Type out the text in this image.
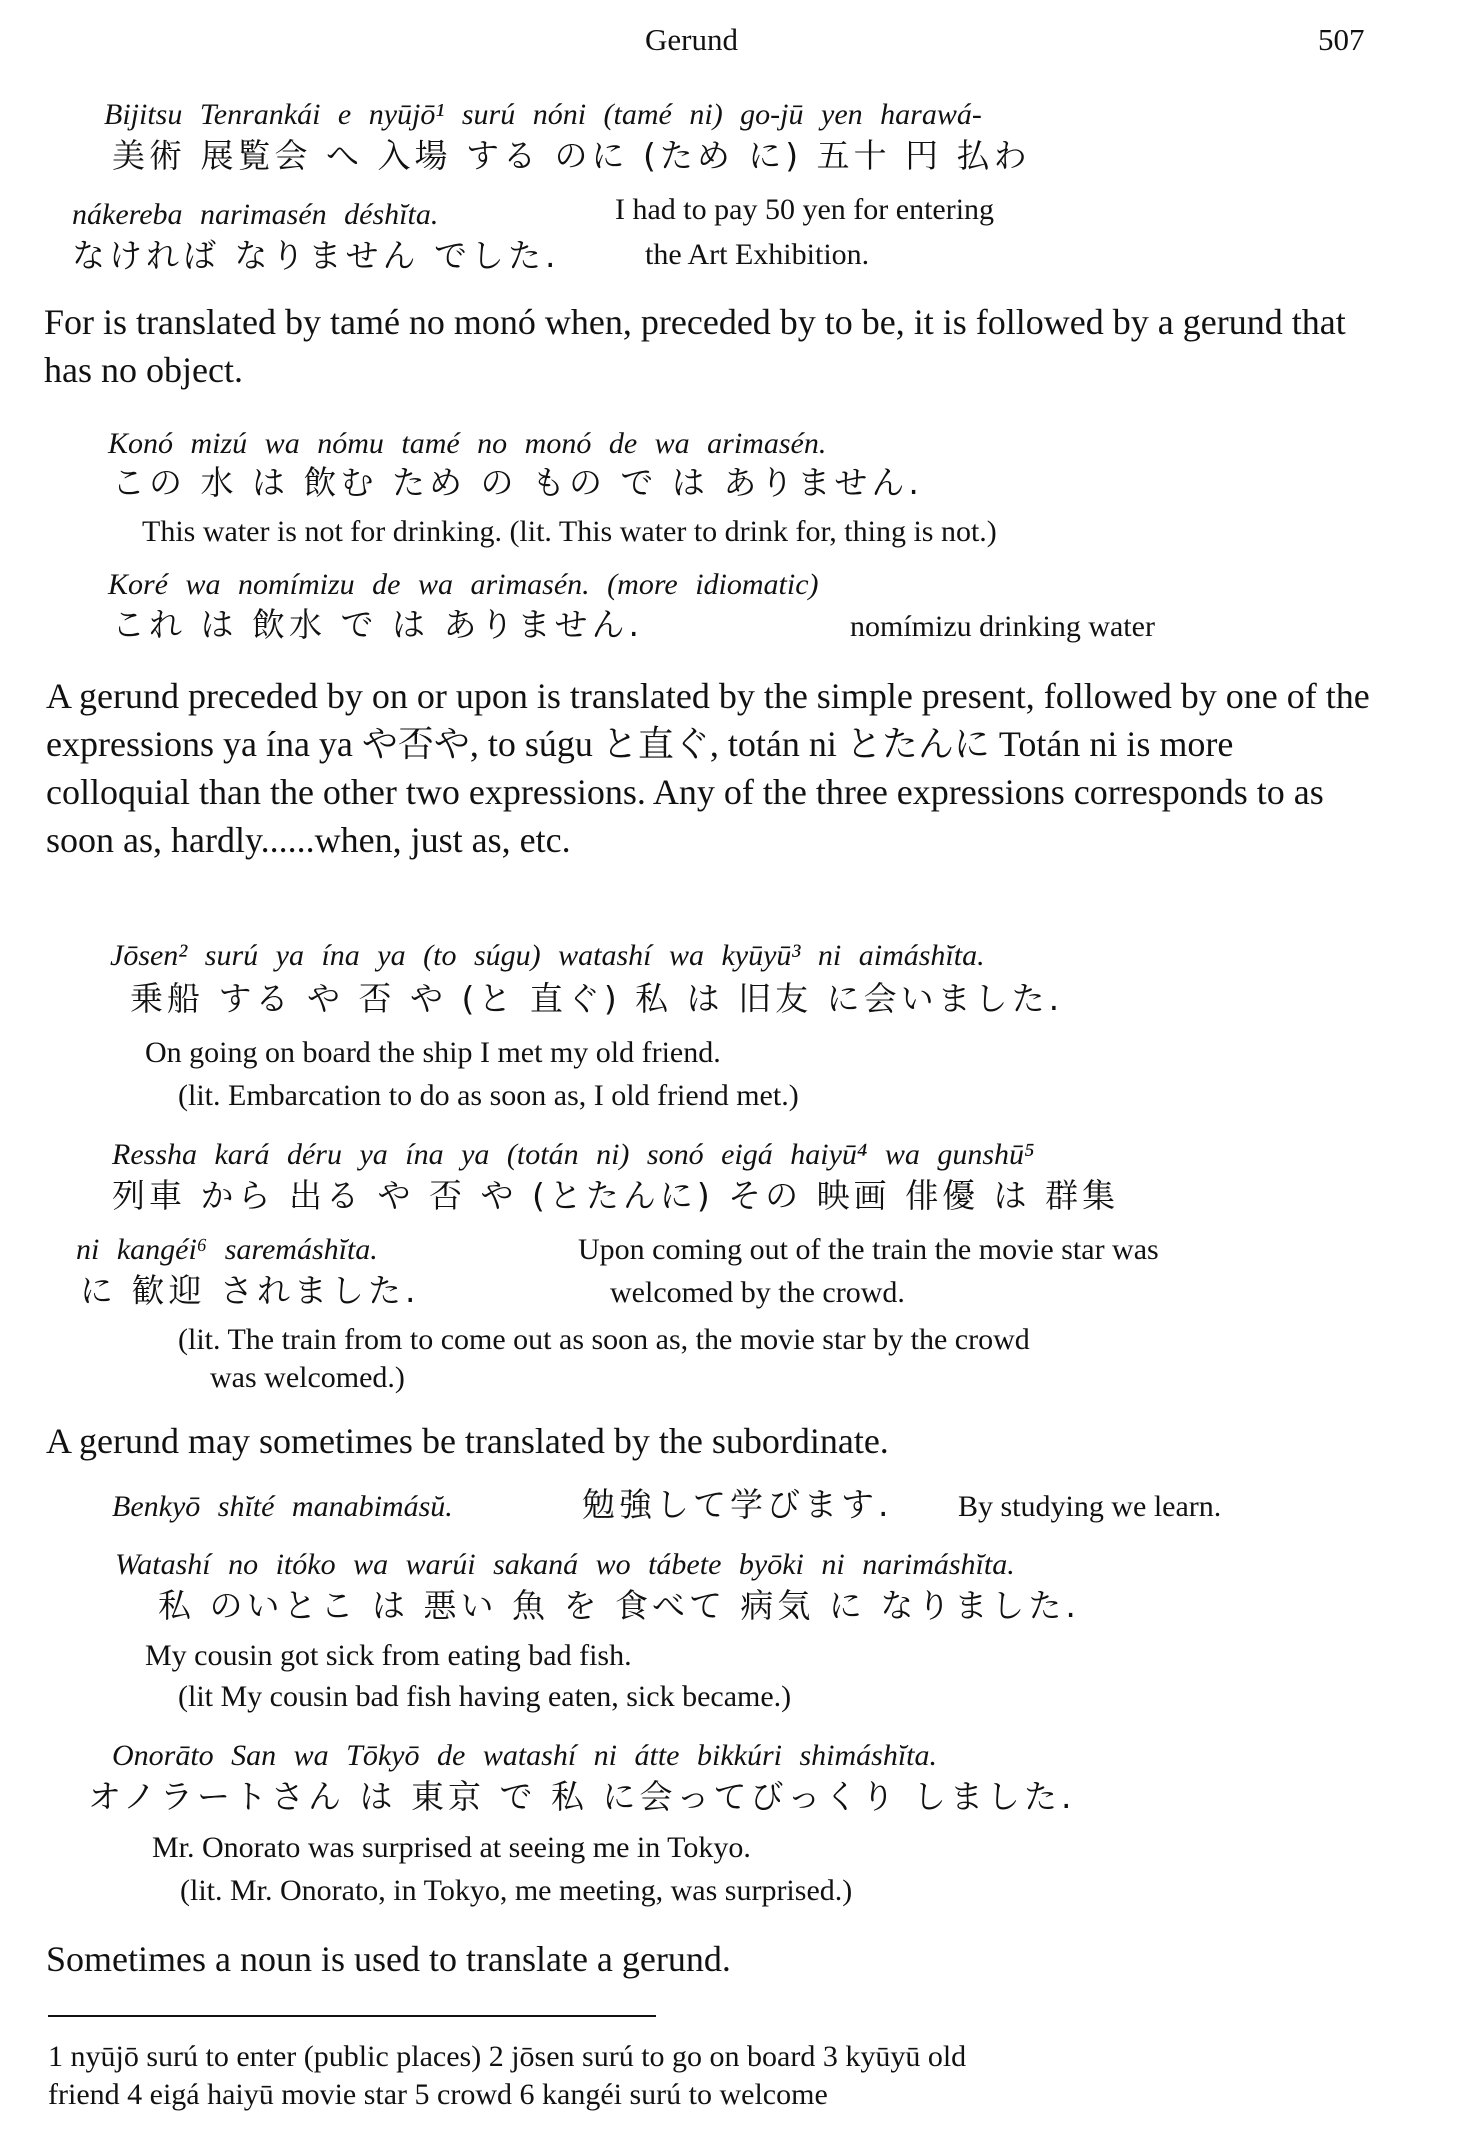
Gerund	507
Bijitsu Tenrankái e nyūjō¹ surú nóni (tamé ni) go-jū yen harawá-
美術 展覧会 へ 入場 する のに (ため に) 五十 円 払わ
nákereba narimasén déshĭta.
なければ なりません でした.
I had to pay 50 yen for entering
the Art Exhibition.

For is translated by tamé no monó when, preceded by to be, it is followed by a gerund that has no object.

Konó mizú wa nómu tamé no monó de wa arimasén.
この 水 は 飲む ため の もの で は ありません.
This water is not for drinking. (lit. This water to drink for, thing is not.)
Koré wa nomímizu de wa arimasén. (more idiomatic)
これ は 飲水 で は ありません.	nomímizu drinking water

A gerund preceded by on or upon is translated by the simple present, followed by one of the expressions ya ína ya や否や, to súgu と直ぐ, totán ni とたんに Totán ni is more colloquial than the other two expressions. Any of the three expressions corresponds to as soon as, hardly......when, just as, etc.

Jōsen² surú ya ína ya (to súgu) watashí wa kyūyū³ ni aimáshĭta.
乗船 する や 否 や (と 直ぐ) 私 は 旧友 に会いました.
On going on board the ship I met my old friend.
(lit. Embarcation to do as soon as, I old friend met.)
Ressha kará déru ya ína ya (totán ni) sonó eigá haiyū⁴ wa gunshū⁵
列車 から 出る や 否 や (とたんに) その 映画 俳優 は 群集
ni kangéi⁶ saremáshĭta.
に 歓迎 されました.
Upon coming out of the train the movie star was
welcomed by the crowd.
(lit. The train from to come out as soon as, the movie star by the crowd
was welcomed.)

A gerund may sometimes be translated by the subordinate.

Benkyō shĭté manabimásŭ.	勉強して学びます. By studying we learn.
Watashí no itóko wa warúi sakaná wo tábete byōki ni narimáshĭta.
私 のいとこ は 悪い 魚 を 食べて 病気 に なりました.
My cousin got sick from eating bad fish.
(lit My cousin bad fish having eaten, sick became.)
Onorāto San wa Tōkyō de watashí ni átte bikkúri shimáshĭta.
オノラートさん は 東京 で 私 に会ってびっくり しました.
Mr. Onorato was surprised at seeing me in Tokyo.
(lit. Mr. Onorato, in Tokyo, me meeting, was surprised.)

Sometimes a noun is used to translate a gerund.

1 nyūjō surú to enter (public places) 2 jōsen surú to go on board 3 kyūyū old
friend 4 eigá haiyū movie star 5 crowd 6 kangéi surú to welcome
